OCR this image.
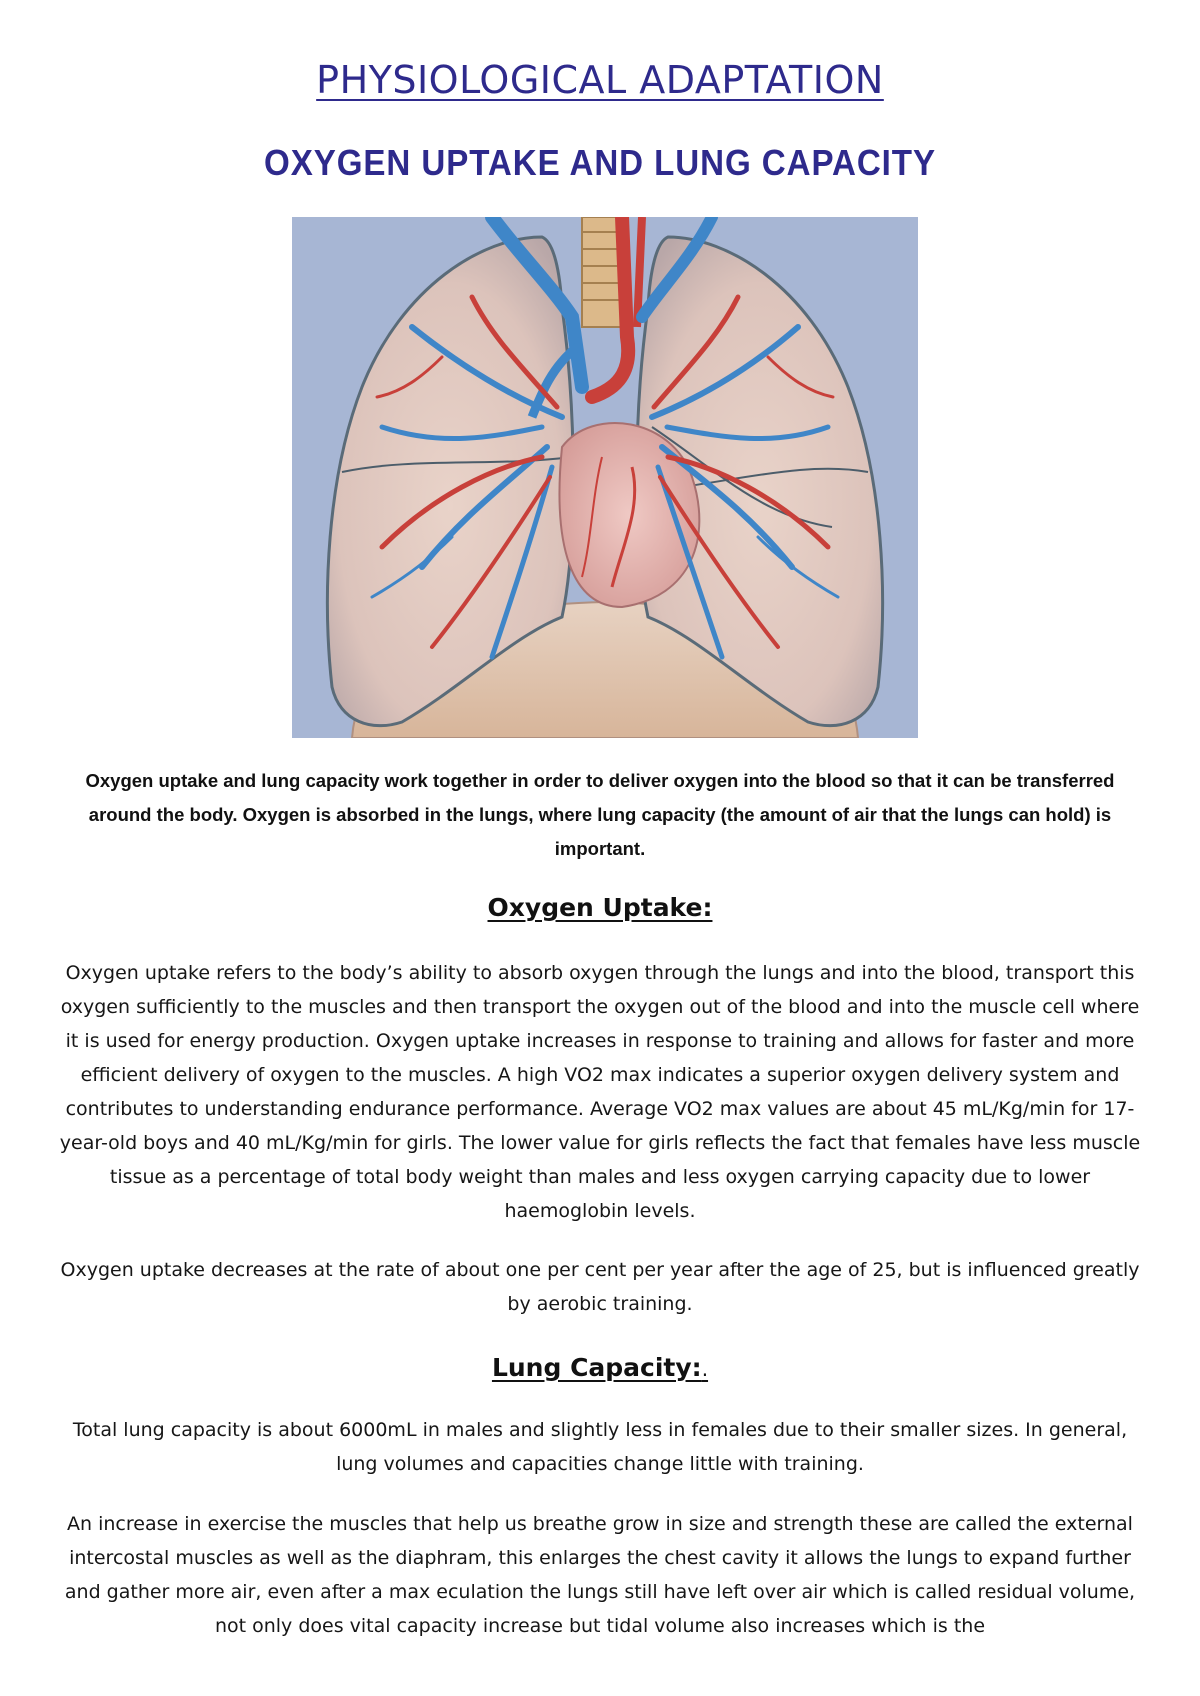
PHYSIOLOGICAL ADAPTATION
OXYGEN UPTAKE AND LUNG CAPACITY

Oxygen uptake and lung capacity work together in order to deliver oxygen into the blood so that it can be transferred around the body. Oxygen is absorbed in the lungs, where lung capacity (the amount of air that the lungs can hold) is important.

Oxygen Uptake:

Oxygen uptake refers to the body’s ability to absorb oxygen through the lungs and into the blood, transport this oxygen sufficiently to the muscles and then transport the oxygen out of the blood and into the muscle cell where it is used for energy production. Oxygen uptake increases in response to training and allows for faster and more efficient delivery of oxygen to the muscles. A high VO2 max indicates a superior oxygen delivery system and contributes to understanding endurance performance. Average VO2 max values are about 45 mL/Kg/min for 17-year-old boys and 40 mL/Kg/min for girls. The lower value for girls reflects the fact that females have less muscle tissue as a percentage of total body weight than males and less oxygen carrying capacity due to lower haemoglobin levels.

Oxygen uptake decreases at the rate of about one per cent per year after the age of 25, but is influenced greatly by aerobic training.

Lung Capacity:.

Total lung capacity is about 6000mL in males and slightly less in females due to their smaller sizes. In general, lung volumes and capacities change little with training.

An increase in exercise the muscles that help us breathe grow in size and strength these are called the external intercostal muscles as well as the diaphram, this enlarges the chest cavity it allows the lungs to expand further and gather more air, even after a max eculation the lungs still have left over air which is called residual volume, not only does vital capacity increase but tidal volume also increases which is the
